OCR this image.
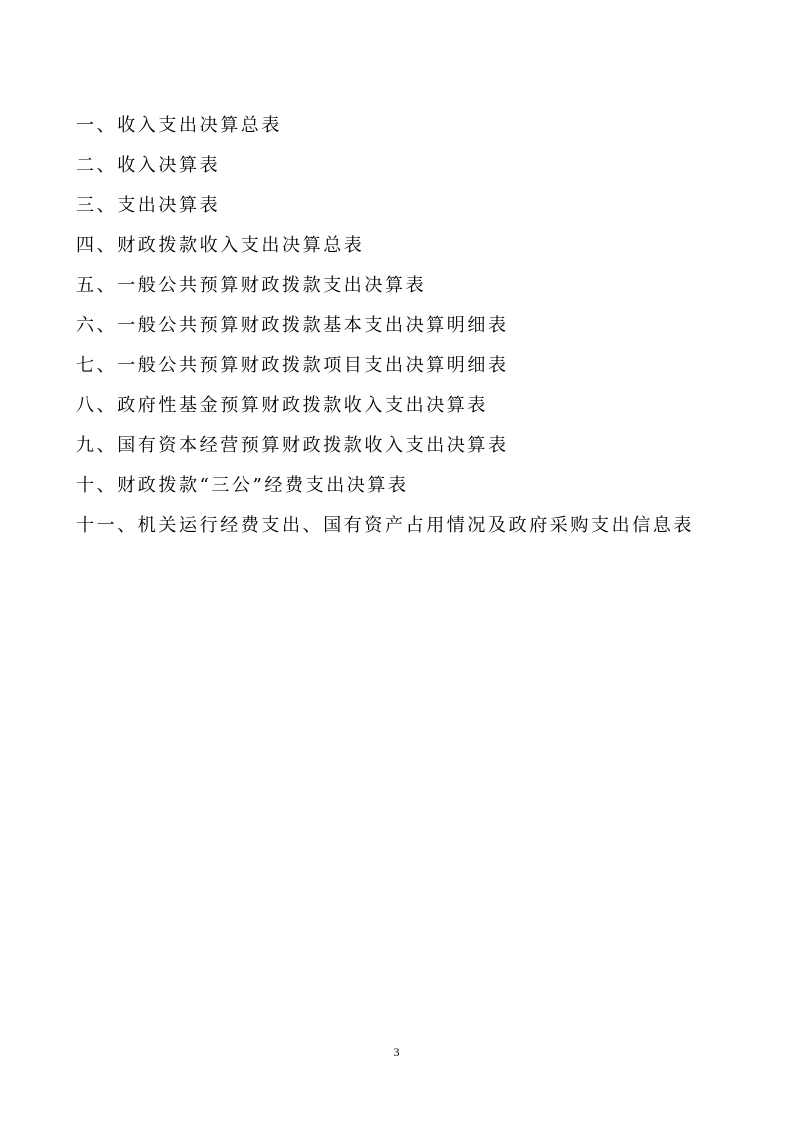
一、收入支出决算总表
二、收入决算表
三、支出决算表
四、财政拨款收入支出决算总表
五、一般公共预算财政拨款支出决算表
六、一般公共预算财政拨款基本支出决算明细表
七、一般公共预算财政拨款项目支出决算明细表
八、政府性基金预算财政拨款收入支出决算表
九、国有资本经营预算财政拨款收入支出决算表
十、财政拨款“三公”经费支出决算表
十一、机关运行经费支出、国有资产占用情况及政府采购支出信息表
3
